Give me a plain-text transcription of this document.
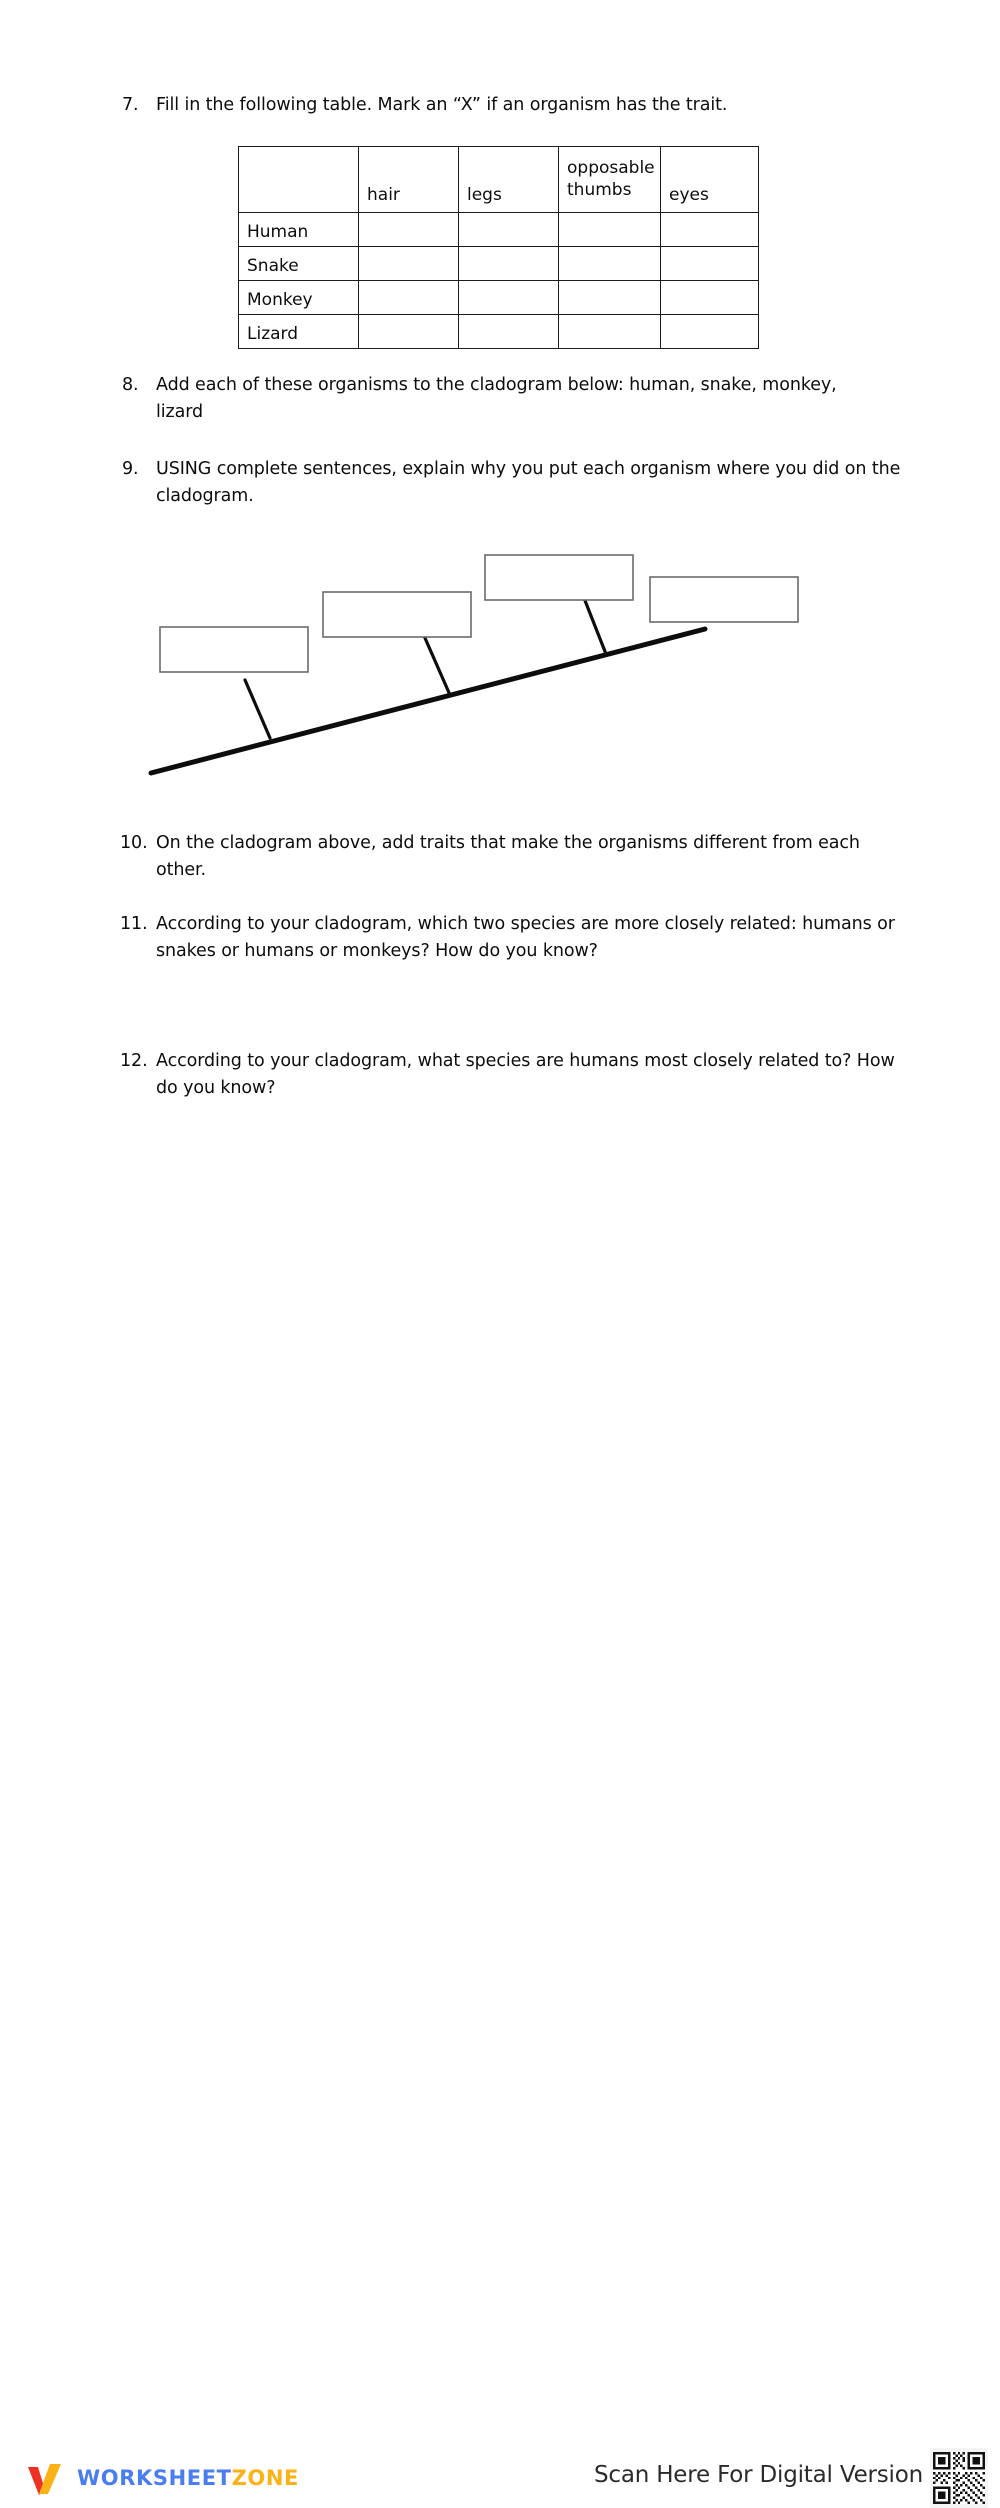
7.	Fill in the following table. Mark an “X” if an organism has the trait.
	hair	legs	opposable thumbs	eyes
Human				
Snake				
Monkey				
Lizard				
8.	Add each of these organisms to the cladogram below: human, snake, monkey, lizard
9.	USING complete sentences, explain why you put each organism where you did on the cladogram.
10. On the cladogram above, add traits that make the organisms different from each other.
11. According to your cladogram, which two species are more closely related: humans or snakes or humans or monkeys? How do you know?
12. According to your cladogram, what species are humans most closely related to? How do you know?
WORKSHEETZONE	Scan Here For Digital Version
